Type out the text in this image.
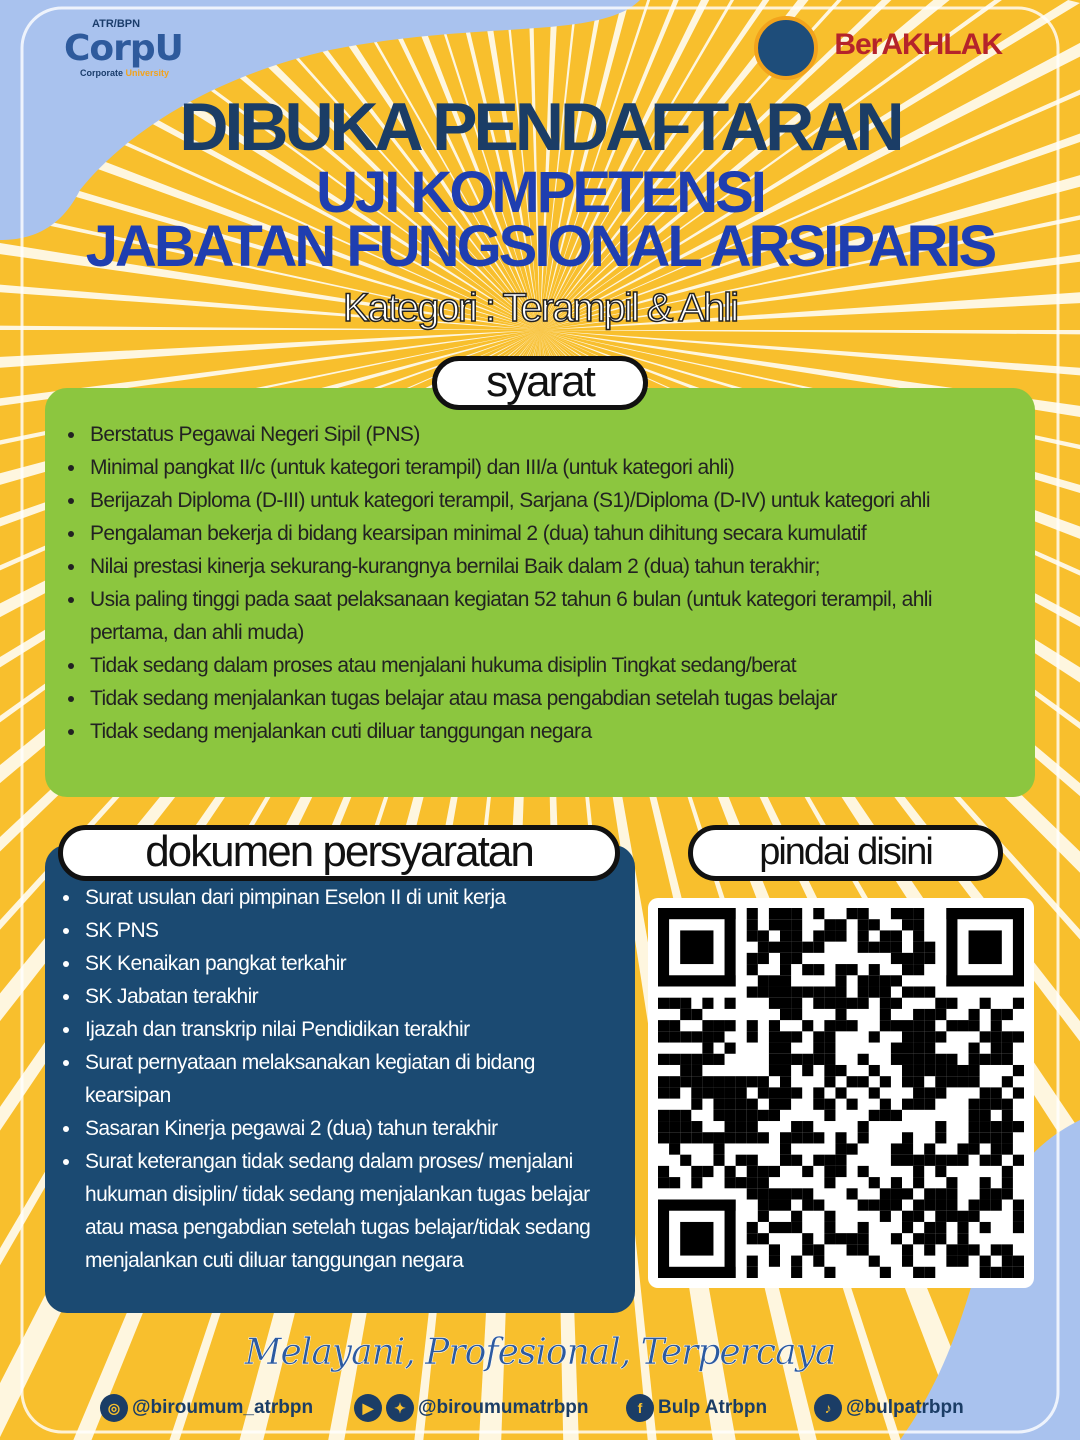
ATR/BPN
CorpU
Corporate University
BerAKHLAK
DIBUKA PENDAFTARAN
UJI KOMPETENSI
JABATAN FUNGSIONAL ARSIPARIS
Kategori : Terampil & Ahli
Berstatus Pegawai Negeri Sipil (PNS)
Minimal pangkat II/c (untuk kategori terampil) dan III/a (untuk kategori ahli)
Berijazah Diploma (D-III) untuk kategori terampil, Sarjana (S1)/Diploma (D-IV) untuk kategori ahli
Pengalaman bekerja di bidang kearsipan minimal 2 (dua) tahun dihitung secara kumulatif
Nilai prestasi kinerja sekurang-kurangnya bernilai Baik dalam 2 (dua) tahun terakhir;
Usia paling tinggi pada saat pelaksanaan kegiatan 52 tahun 6 bulan (untuk kategori terampil, ahli pertama, dan ahli muda)
Tidak sedang dalam proses atau menjalani hukuma disiplin Tingkat sedang/berat
Tidak sedang menjalankan tugas belajar atau masa pengabdian setelah tugas belajar
Tidak sedang menjalankan cuti diluar tanggungan negara
syarat
Surat usulan dari pimpinan Eselon II di unit kerja
SK PNS
SK Kenaikan pangkat terkahir
SK Jabatan terakhir
Ijazah dan transkrip nilai Pendidikan terakhir
Surat pernyataan melaksanakan kegiatan di bidang kearsipan
Sasaran Kinerja pegawai 2 (dua) tahun terakhir
Surat keterangan tidak sedang dalam proses/ menjalani hukuman disiplin/ tidak sedang menjalankan tugas belajar atau masa pengabdian setelah tugas belajar/tidak sedang menjalankan cuti diluar tanggungan negara
dokumen persyaratan	pindai disini
Melayani, Profesional, Terpercaya
◎ @biroumum_atrbpn	▶	✦ @biroumumatrbpn	f Bulp Atrbpn	♪ @bulpatrbpn
